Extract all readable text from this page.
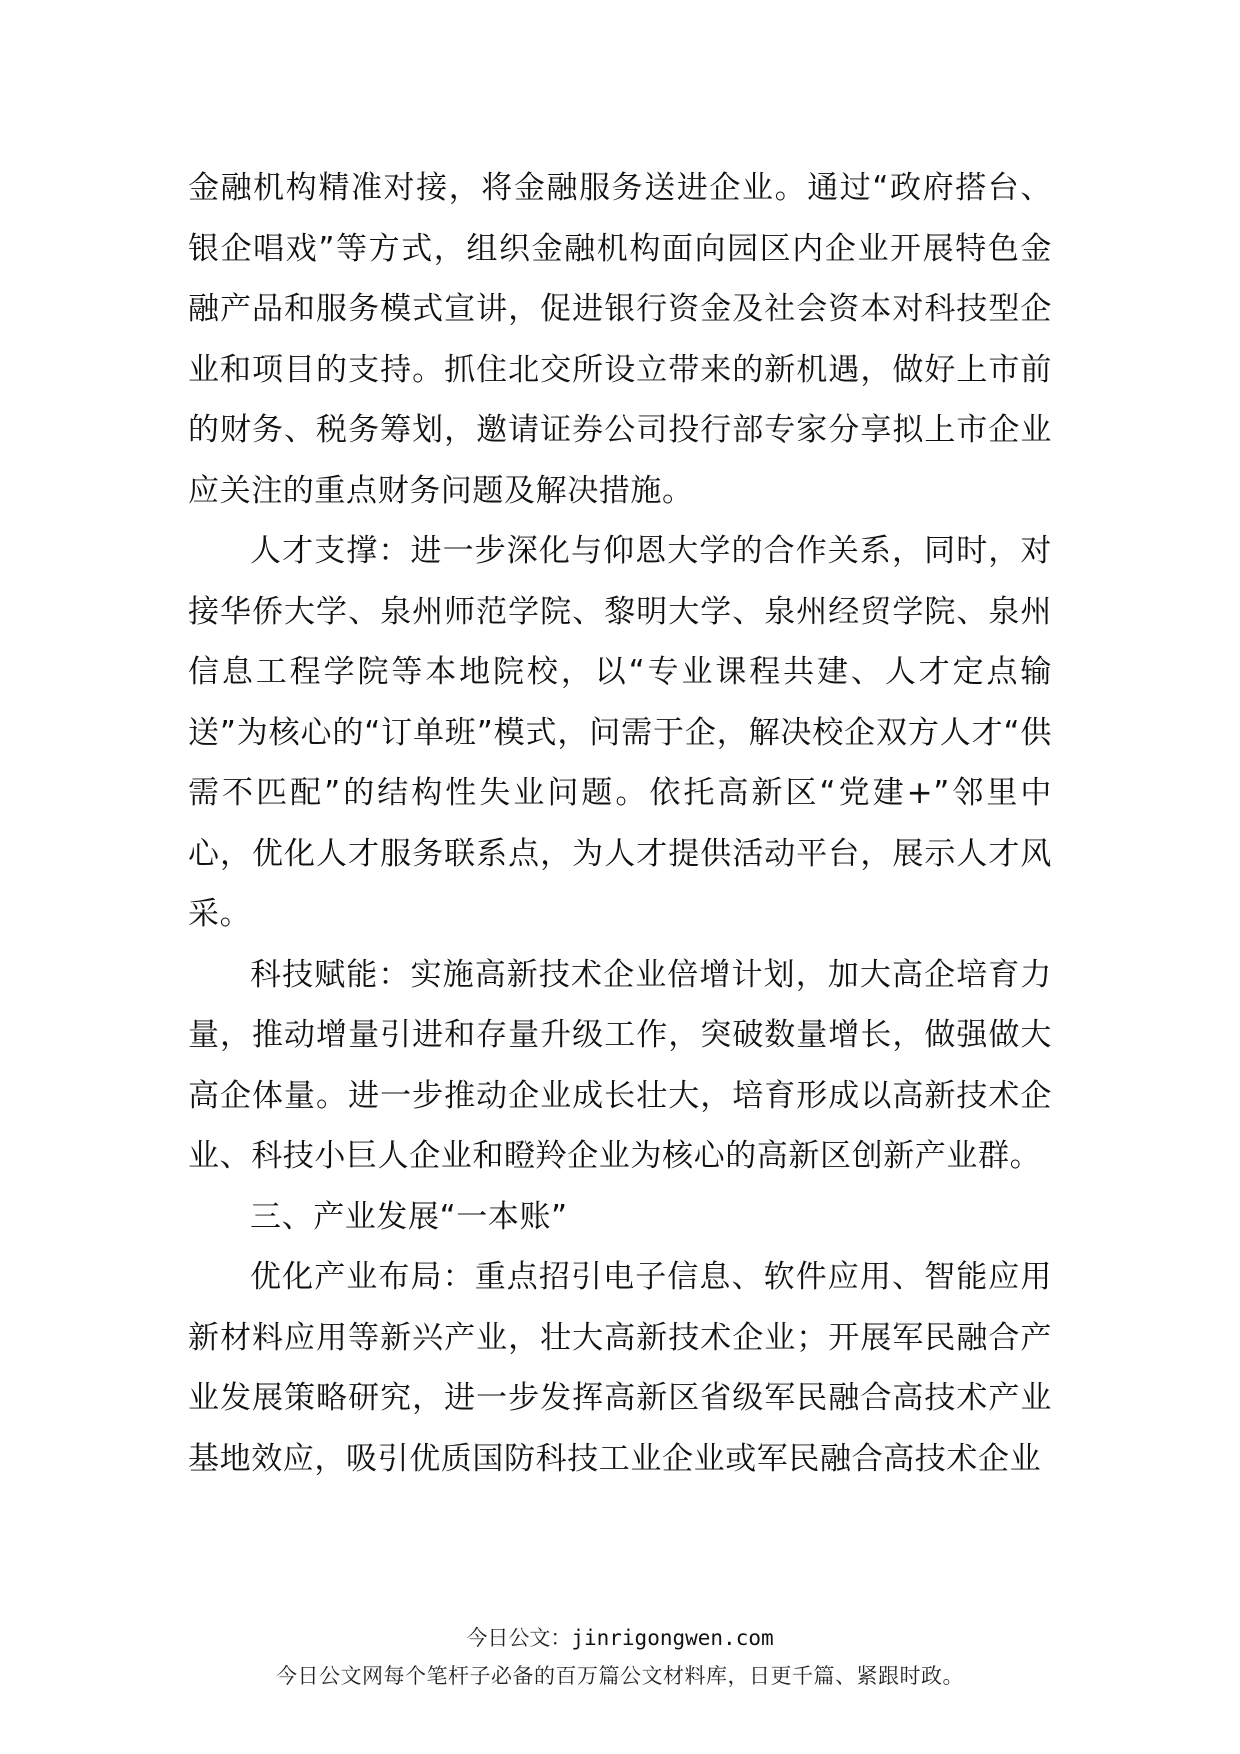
金融机构精准对接，将金融服务送进企业。通过“政府搭台、银企唱戏”等方式，组织金融机构面向园区内企业开展特色金融产品和服务模式宣讲，促进银行资金及社会资本对科技型企业和项目的支持。抓住北交所设立带来的新机遇，做好上市前的财务、税务筹划，邀请证券公司投行部专家分享拟上市企业应关注的重点财务问题及解决措施。

人才支撑：进一步深化与仰恩大学的合作关系，同时，对接华侨大学、泉州师范学院、黎明大学、泉州经贸学院、泉州信息工程学院等本地院校，以“专业课程共建、人才定点输送”为核心的“订单班”模式，问需于企，解决校企双方人才“供需不匹配”的结构性失业问题。依托高新区“党建+”邻里中心，优化人才服务联系点，为人才提供活动平台，展示人才风采。

科技赋能：实施高新技术企业倍增计划，加大高企培育力量，推动增量引进和存量升级工作，突破数量增长，做强做大高企体量。进一步推动企业成长壮大，培育形成以高新技术企业、科技小巨人企业和瞪羚企业为核心的高新区创新产业群。

三、产业发展“一本账”

优化产业布局：重点招引电子信息、软件应用、智能应用新材料应用等新兴产业，壮大高新技术企业；开展军民融合产业发展策略研究，进一步发挥高新区省级军民融合高技术产业基地效应，吸引优质国防科技工业企业或军民融合高技术企业

今日公文：jinrigongwen.com
今日公文网每个笔杆子必备的百万篇公文材料库，日更千篇、紧跟时政。
